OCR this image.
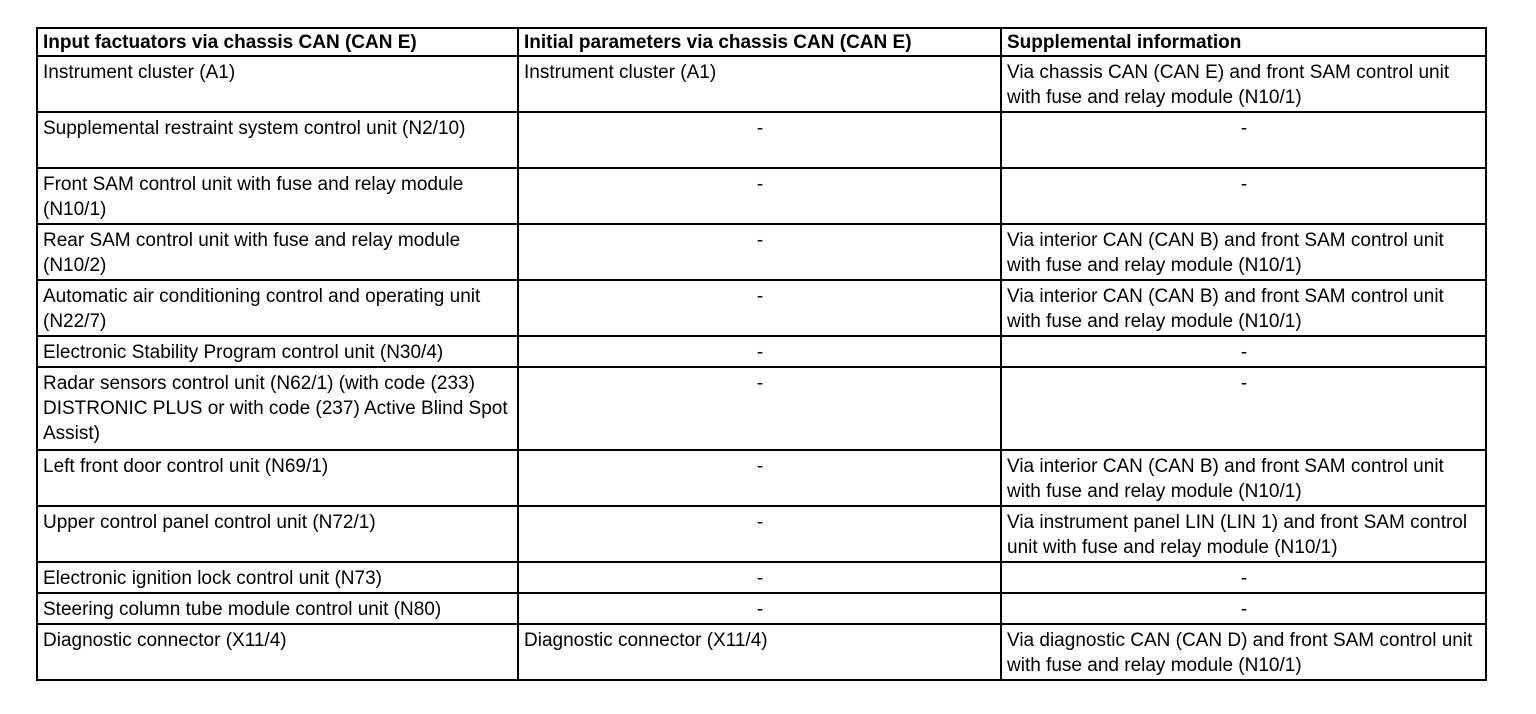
Input factuators via chassis CAN (CAN E)	Initial parameters via chassis CAN (CAN E)	Supplemental information
Instrument cluster (A1)	Instrument cluster (A1)	Via chassis CAN (CAN E) and front SAM control unit with fuse and relay module (N10/1)
Supplemental restraint system control unit (N2/10)	-	-
Front SAM control unit with fuse and relay module (N10/1)	-	-
Rear SAM control unit with fuse and relay module (N10/2)	-	Via interior CAN (CAN B) and front SAM control unit with fuse and relay module (N10/1)
Automatic air conditioning control and operating unit (N22/7)	-	Via interior CAN (CAN B) and front SAM control unit with fuse and relay module (N10/1)
Electronic Stability Program control unit (N30/4)	-	-
Radar sensors control unit (N62/1) (with code (233) DISTRONIC PLUS or with code (237) Active Blind Spot Assist)	-	-
Left front door control unit (N69/1)	-	Via interior CAN (CAN B) and front SAM control unit with fuse and relay module (N10/1)
Upper control panel control unit (N72/1)	-	Via instrument panel LIN (LIN 1) and front SAM control unit with fuse and relay module (N10/1)
Electronic ignition lock control unit (N73)	-	-
Steering column tube module control unit (N80)	-	-
Diagnostic connector (X11/4)	Diagnostic connector (X11/4)	Via diagnostic CAN (CAN D) and front SAM control unit with fuse and relay module (N10/1)
